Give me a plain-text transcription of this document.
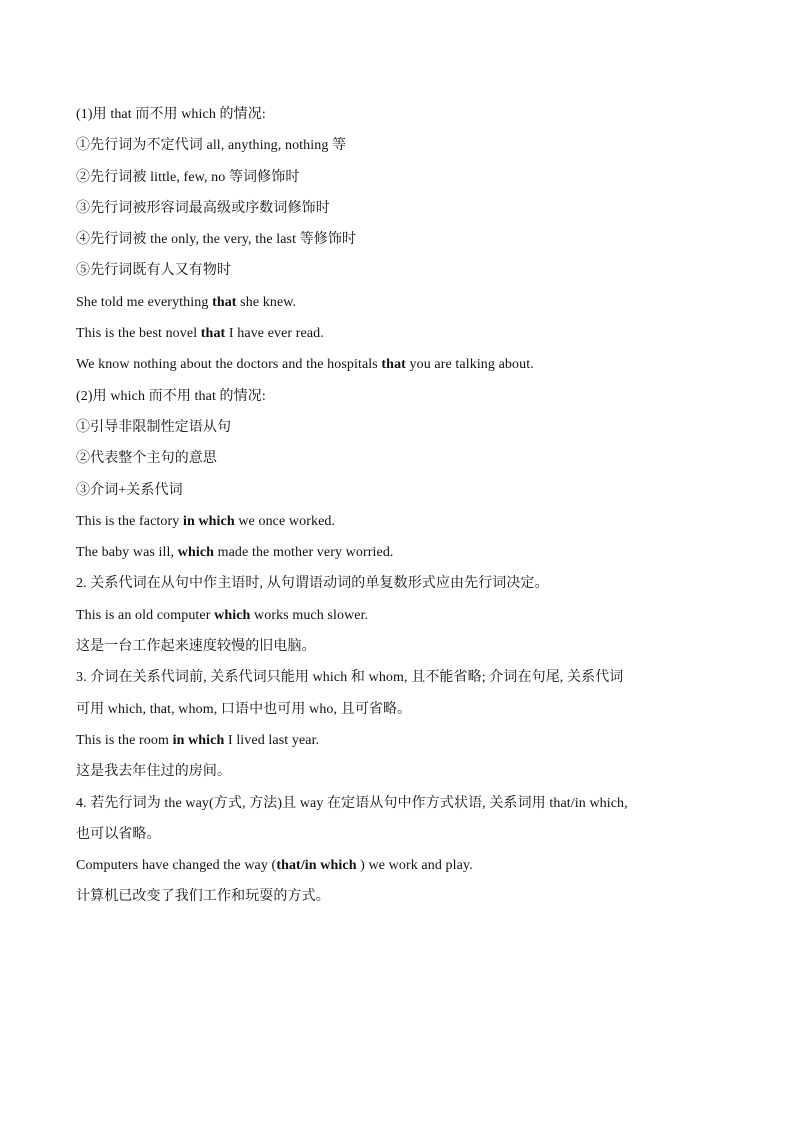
(1)用 that 而不用 which 的情况:
①先行词为不定代词 all, anything, nothing 等
②先行词被 little, few, no 等词修饰时
③先行词被形容词最高级或序数词修饰时
④先行词被 the only, the very, the last 等修饰时
⑤先行词既有人又有物时
She told me everything that she knew.
This is the best novel that I have ever read.
We know nothing about the doctors and the hospitals that you are talking about.
(2)用 which 而不用 that 的情况:
①引导非限制性定语从句
②代表整个主句的意思
③介词+关系代词
This is the factory in which we once worked.
The baby was ill, which made the mother very worried.
2. 关系代词在从句中作主语时, 从句谓语动词的单复数形式应由先行词决定。
This is an old computer which works much slower.
这是一台工作起来速度较慢的旧电脑。
3. 介词在关系代词前, 关系代词只能用 which 和 whom, 且不能省略; 介词在句尾, 关系代词
可用 which, that, whom, 口语中也可用 who, 且可省略。
This is the room in which I lived last year.
这是我去年住过的房间。
4. 若先行词为 the way(方式, 方法)且 way 在定语从句中作方式状语, 关系词用 that/in which,
也可以省略。
Computers have changed the way (that/in which ) we work and play.
计算机已改变了我们工作和玩耍的方式。
